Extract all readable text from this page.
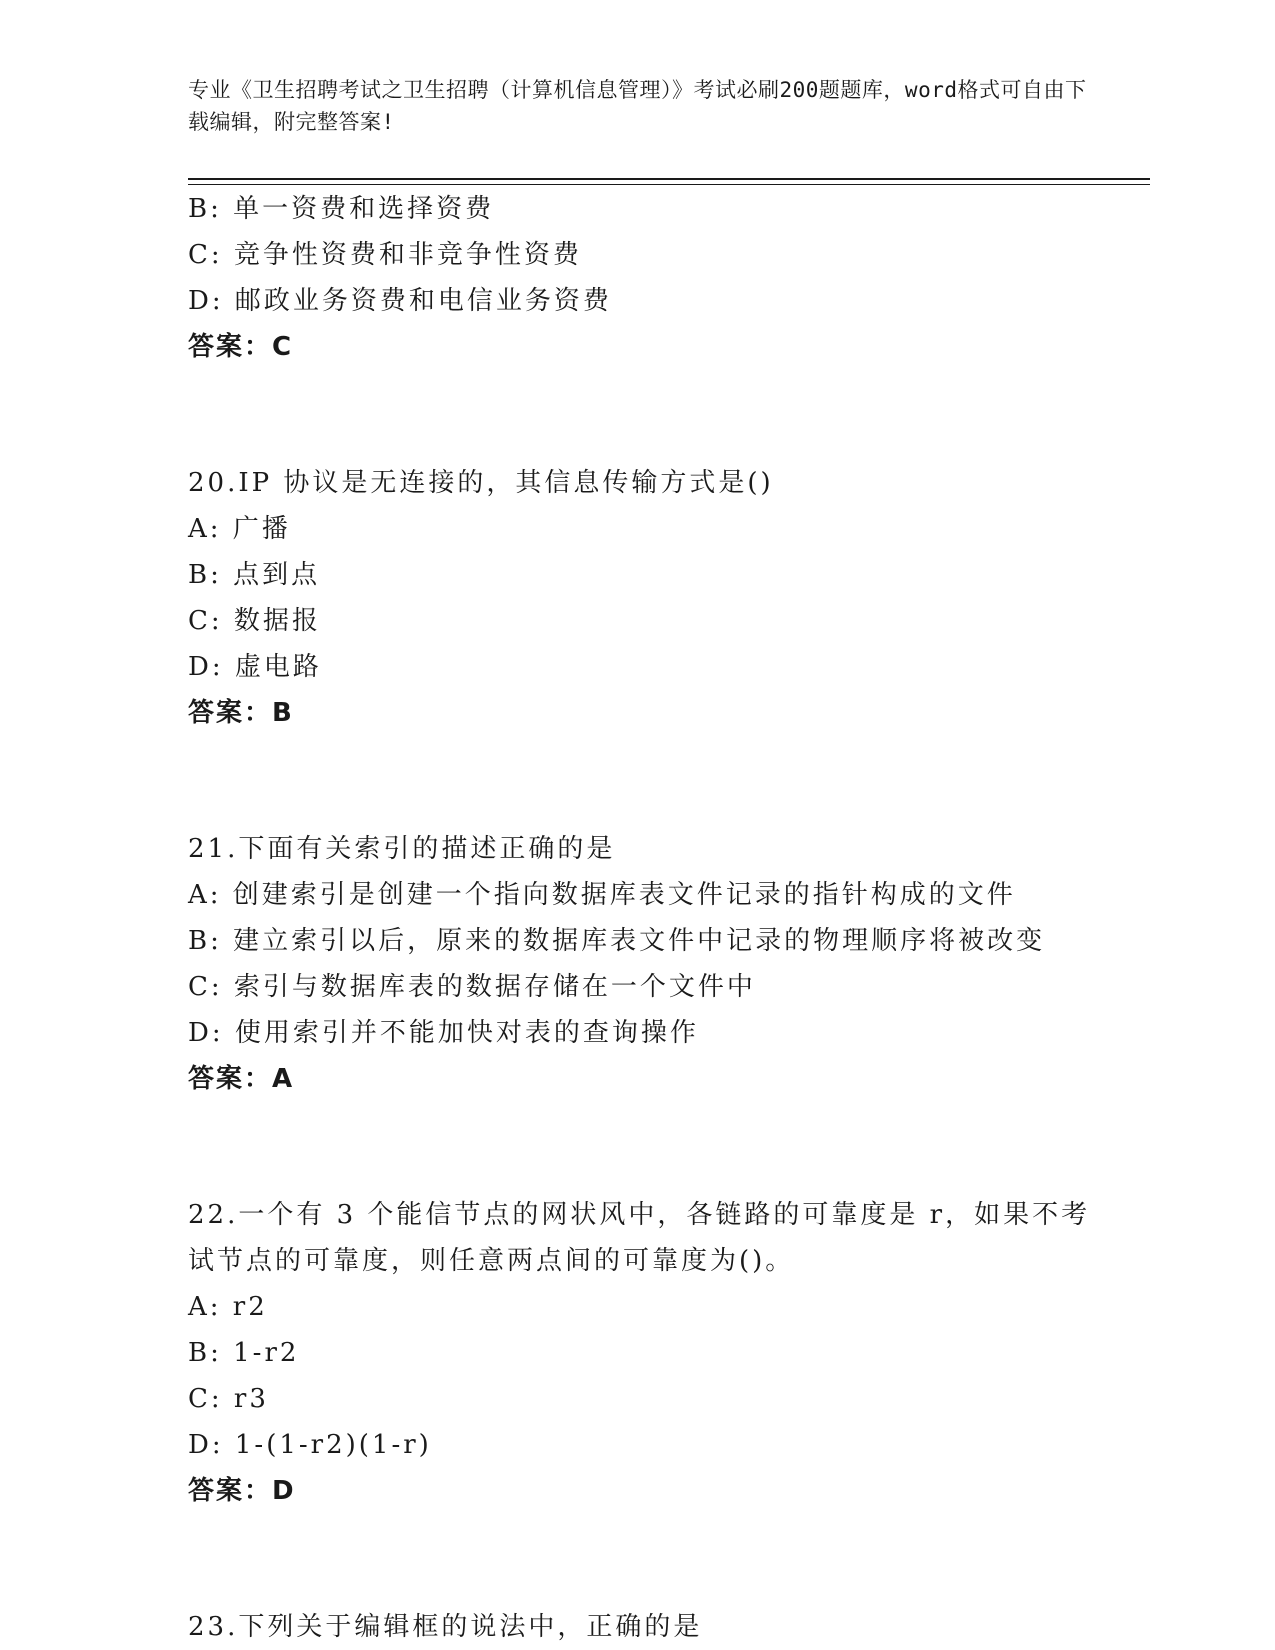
专业《卫生招聘考试之卫生招聘（计算机信息管理）》考试必刷200题题库，word格式可自由下载编辑，附完整答案!
B: 单一资费和选择资费
C: 竞争性资费和非竞争性资费
D: 邮政业务资费和电信业务资费
答案：C
20.IP 协议是无连接的，其信息传输方式是()
A: 广播
B: 点到点
C: 数据报
D: 虚电路
答案：B
21.下面有关索引的描述正确的是
A: 创建索引是创建一个指向数据库表文件记录的指针构成的文件
B: 建立索引以后，原来的数据库表文件中记录的物理顺序将被改变
C: 索引与数据库表的数据存储在一个文件中
D: 使用索引并不能加快对表的查询操作
答案：A
22.一个有 3 个能信节点的网状风中，各链路的可靠度是 r，如果不考
试节点的可靠度，则任意两点间的可靠度为()。
A: r2
B: 1-r2
C: r3
D: 1-(1-r2)(1-r)
答案：D
23.下列关于编辑框的说法中，正确的是
